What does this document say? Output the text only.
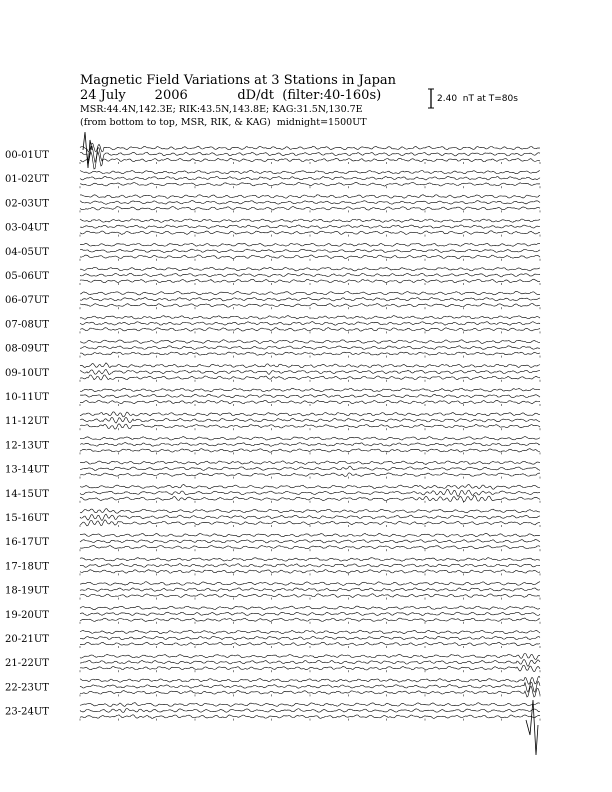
Magnetic Field Variations at 3 Stations in Japan
24 July       2006            dD/dt  (filter:40-160s)
MSR:44.4N,142.3E; RIK:43.5N,143.8E; KAG:31.5N,130.7E
(from bottom to top, MSR, RIK, & KAG)  midnight=1500UT
2.40  nT at T=80s
00-01UT
01-02UT
02-03UT
03-04UT
04-05UT
05-06UT
06-07UT
07-08UT
08-09UT
09-10UT
10-11UT
11-12UT
12-13UT
13-14UT
14-15UT
15-16UT
16-17UT
17-18UT
18-19UT
19-20UT
20-21UT
21-22UT
22-23UT
23-24UT
